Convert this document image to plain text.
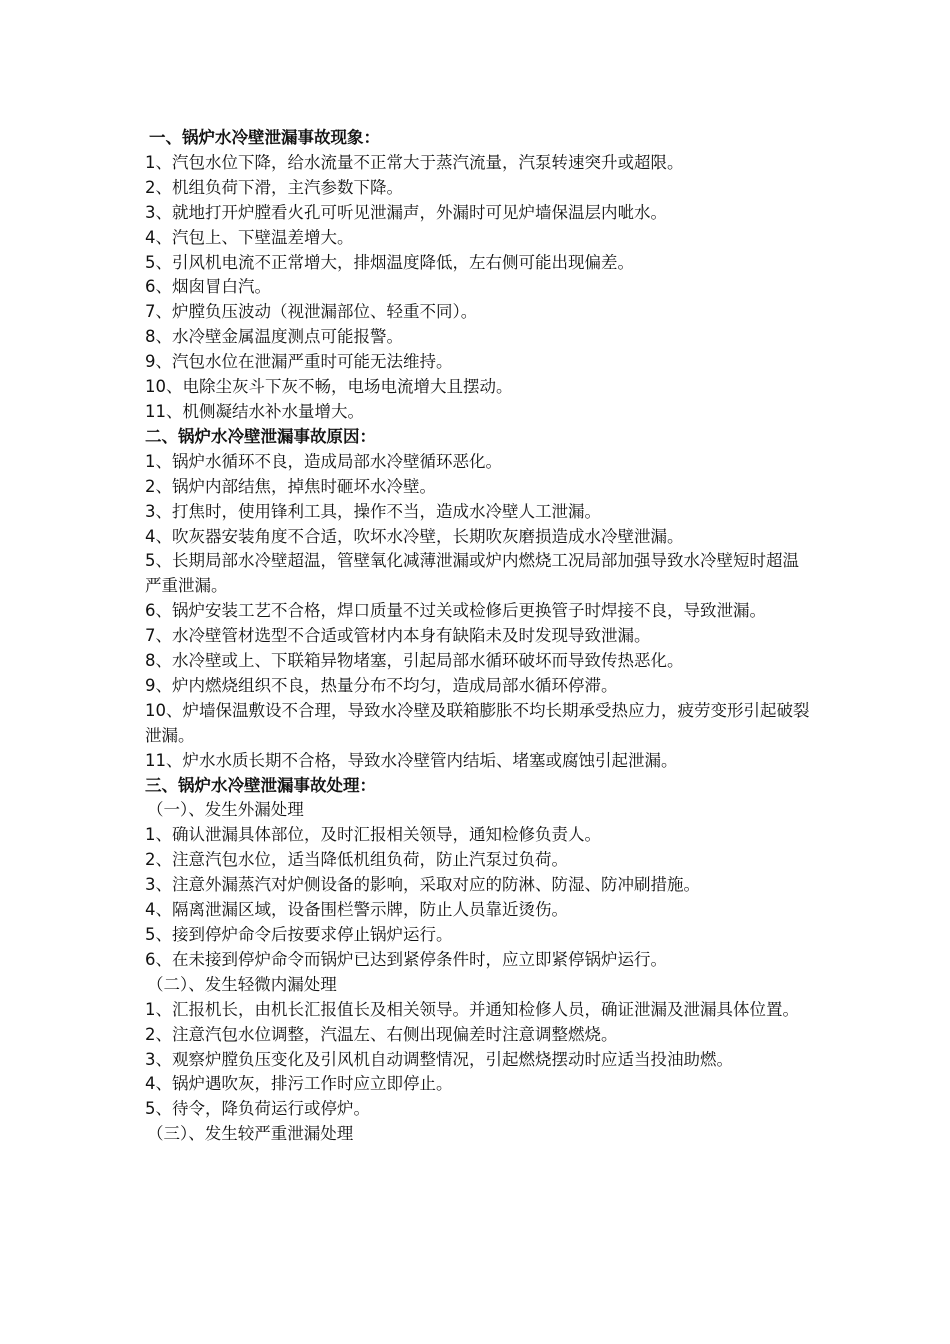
一、锅炉水冷壁泄漏事故现象：

1、汽包水位下降，给水流量不正常大于蒸汽流量，汽泵转速突升或超限。

2、机组负荷下滑，主汽参数下降。

3、就地打开炉膛看火孔可听见泄漏声，外漏时可见炉墙保温层内呲水。

4、汽包上、下壁温差增大。

5、引风机电流不正常增大，排烟温度降低，左右侧可能出现偏差。

6、烟囱冒白汽。

7、炉膛负压波动（视泄漏部位、轻重不同）。

8、水冷壁金属温度测点可能报警。

9、汽包水位在泄漏严重时可能无法维持。

10、电除尘灰斗下灰不畅，电场电流增大且摆动。

11、机侧凝结水补水量增大。

二、锅炉水冷壁泄漏事故原因：

1、锅炉水循环不良，造成局部水冷壁循环恶化。

2、锅炉内部结焦，掉焦时砸坏水冷壁。

3、打焦时，使用锋利工具，操作不当，造成水冷壁人工泄漏。

4、吹灰器安装角度不合适，吹坏水冷壁，长期吹灰磨损造成水冷壁泄漏。

5、长期局部水冷壁超温，管壁氧化减薄泄漏或炉内燃烧工况局部加强导致水冷壁短时超温严重泄漏。

6、锅炉安装工艺不合格，焊口质量不过关或检修后更换管子时焊接不良，导致泄漏。

7、水冷壁管材选型不合适或管材内本身有缺陷未及时发现导致泄漏。

8、水冷壁或上、下联箱异物堵塞，引起局部水循环破坏而导致传热恶化。

9、炉内燃烧组织不良，热量分布不均匀，造成局部水循环停滞。

10、炉墙保温敷设不合理，导致水冷壁及联箱膨胀不均长期承受热应力，疲劳变形引起破裂泄漏。

11、炉水水质长期不合格，导致水冷壁管内结垢、堵塞或腐蚀引起泄漏。

三、锅炉水冷壁泄漏事故处理：

（一）、发生外漏处理

1、确认泄漏具体部位，及时汇报相关领导，通知检修负责人。

2、注意汽包水位，适当降低机组负荷，防止汽泵过负荷。

3、注意外漏蒸汽对炉侧设备的影响，采取对应的防淋、防湿、防冲刷措施。

4、隔离泄漏区域，设备围栏警示牌，防止人员靠近烫伤。

5、接到停炉命令后按要求停止锅炉运行。

6、在未接到停炉命令而锅炉已达到紧停条件时，应立即紧停锅炉运行。

（二）、发生轻微内漏处理

1、汇报机长，由机长汇报值长及相关领导。并通知检修人员，确证泄漏及泄漏具体位置。

2、注意汽包水位调整，汽温左、右侧出现偏差时注意调整燃烧。

3、观察炉膛负压变化及引风机自动调整情况，引起燃烧摆动时应适当投油助燃。

4、锅炉遇吹灰，排污工作时应立即停止。

5、待令，降负荷运行或停炉。

（三）、发生较严重泄漏处理
